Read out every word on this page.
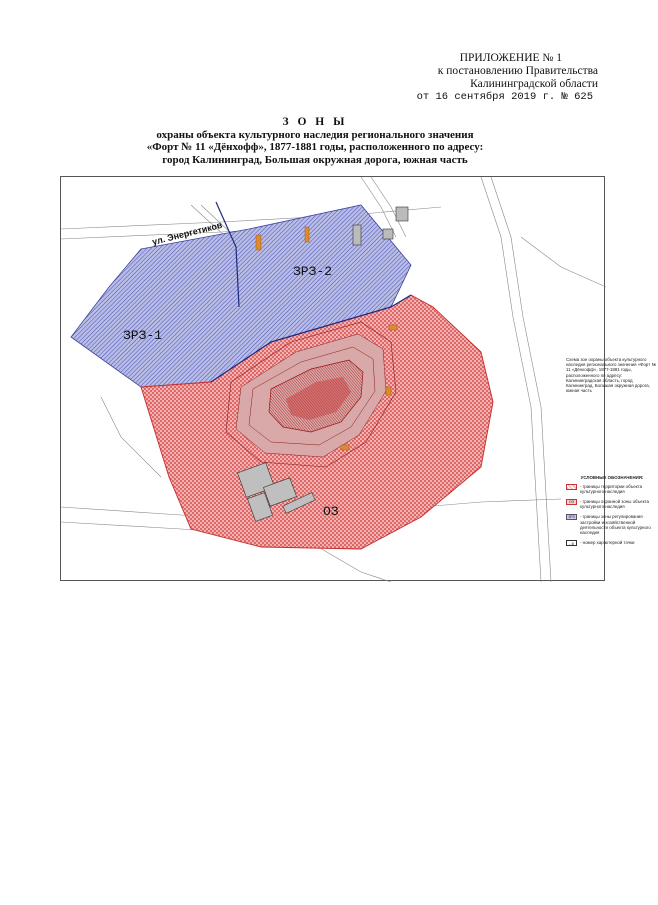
ПРИЛОЖЕНИЕ № 1
к постановлению Правительства
Калининградской области
от 16 сентября 2019 г. № 625
З О Н Ы
охраны объекта культурного наследия регионального значения
«Форт № 11 «Дёнхофф», 1877-1881 годы, расположенного по адресу:
город Калининград, Большая окружная дорога, южная часть
ул. Энергетиков
ЗРЗ-1
ЗРЗ-2
ОЗ
Схема зон охраны объекта культурного наследия регионального значения «Форт № 11 «Дёнхофф», 1877-1881 годы, расположенного по адресу: Калининградская область, город Калининград, Большая окружная дорога, южная часть
УСЛОВНЫЕ ОБОЗНАЧЕНИЯ:
- границы территории объекта культурного наследия
ОЗ	- границы охранной зоны объекта культурного наследия
ЗРЗ	- границы зоны регулирования застройки и хозяйственной деятельности объекта культурного наследия
- 8	- номер характерной точки
